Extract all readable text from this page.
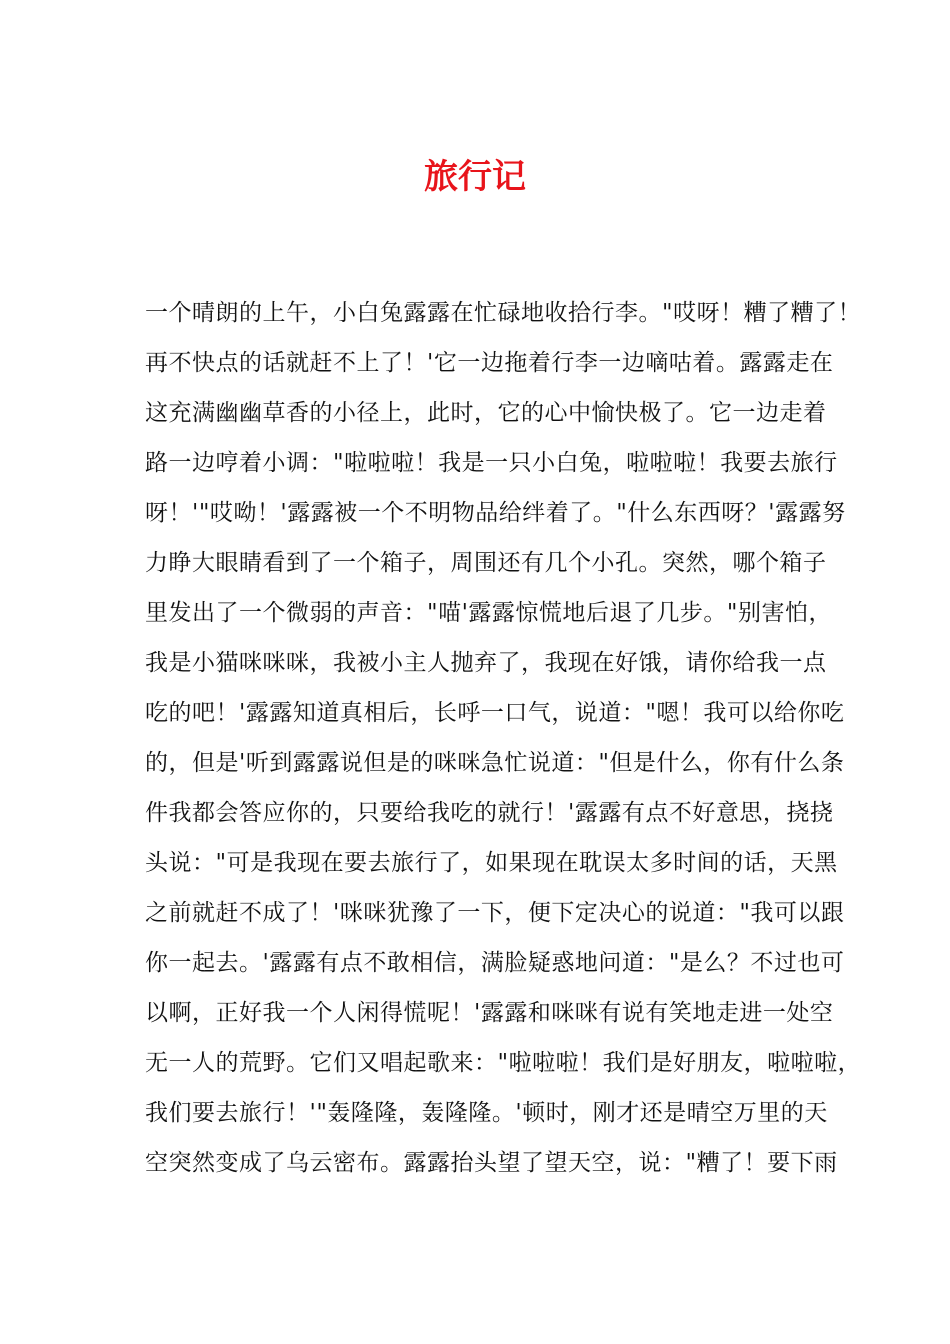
旅行记
一个晴朗的上午，小白兔露露在忙碌地收拾行李。"哎呀！糟了糟了！
再不快点的话就赶不上了！'它一边拖着行李一边嘀咕着。露露走在
这充满幽幽草香的小径上，此时，它的心中愉快极了。它一边走着
路一边哼着小调："啦啦啦！我是一只小白兔，啦啦啦！我要去旅行
呀！'"哎呦！'露露被一个不明物品给绊着了。"什么东西呀？'露露努
力睁大眼睛看到了一个箱子，周围还有几个小孔。突然，哪个箱子
里发出了一个微弱的声音："喵'露露惊慌地后退了几步。"别害怕，
我是小猫咪咪咪，我被小主人抛弃了，我现在好饿，请你给我一点
吃的吧！'露露知道真相后，长呼一口气，说道："嗯！我可以给你吃
的，但是'听到露露说但是的咪咪急忙说道："但是什么，你有什么条
件我都会答应你的，只要给我吃的就行！'露露有点不好意思，挠挠
头说："可是我现在要去旅行了，如果现在耽误太多时间的话，天黑
之前就赶不成了！'咪咪犹豫了一下，便下定决心的说道："我可以跟
你一起去。'露露有点不敢相信，满脸疑惑地问道："是么？不过也可
以啊，正好我一个人闲得慌呢！'露露和咪咪有说有笑地走进一处空
无一人的荒野。它们又唱起歌来："啦啦啦！我们是好朋友，啦啦啦，
我们要去旅行！'"轰隆隆，轰隆隆。'顿时，刚才还是晴空万里的天
空突然变成了乌云密布。露露抬头望了望天空，说："糟了！要下雨
